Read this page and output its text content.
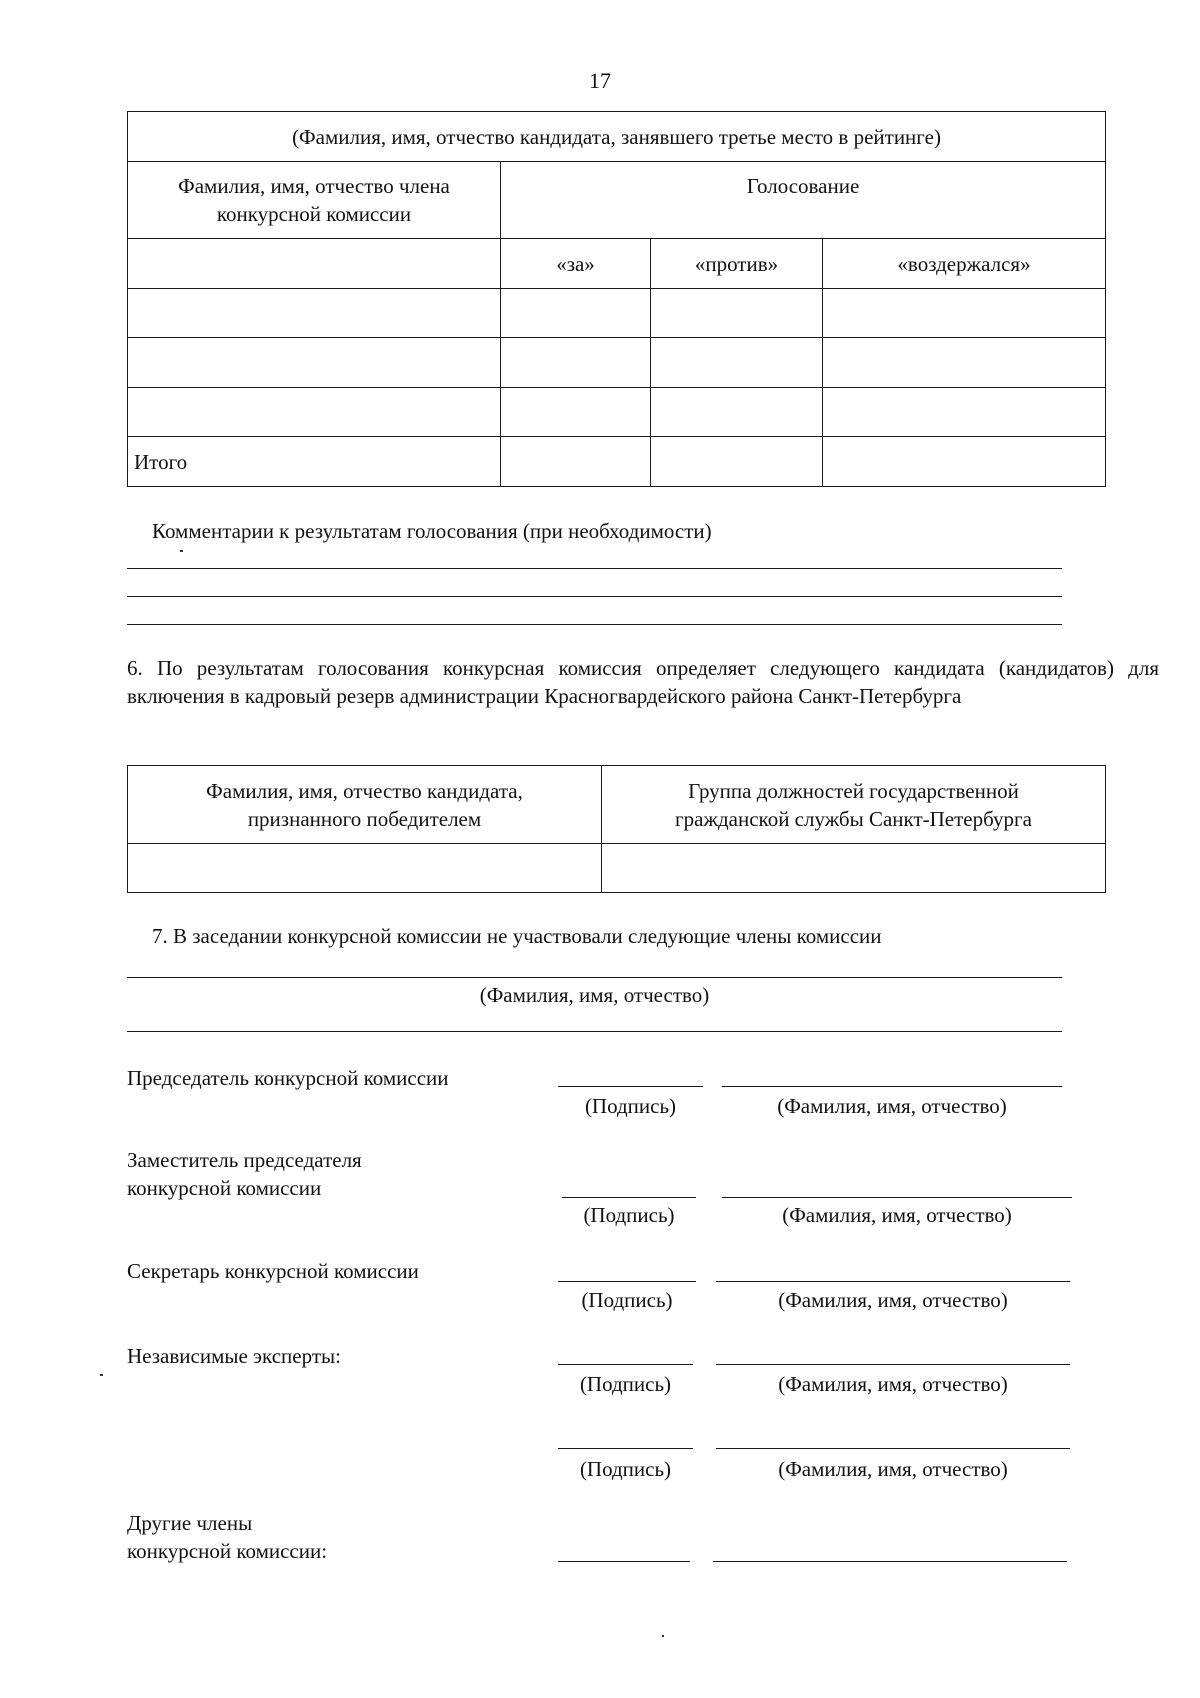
17
(Фамилия, имя, отчество кандидата, занявшего третье место в рейтинге)			
Фамилия, имя, отчество члена конкурсной комиссии	Голосование		
	«за»	«против»	«воздержался»

Итого			
Комментарии к результатам голосования (при необходимости)
6. По результатам голосования конкурсная комиссия определяет следующего кандидата (кандидатов) для включения в кадровый резерв администрации Красногвардейского района Санкт-Петербурга
Фамилия, имя, отчество кандидата, признанного победителем	Группа должностей государственной гражданской службы Санкт-Петербурга

7. В заседании конкурсной комиссии не участвовали следующие члены комиссии
(Фамилия, имя, отчество)
Председатель конкурсной комиссии
(Подпись)	(Фамилия, имя, отчество)
Заместитель председателя
конкурсной комиссии
(Подпись)	(Фамилия, имя, отчество)
Секретарь конкурсной комиссии
(Подпись)	(Фамилия, имя, отчество)
Независимые эксперты:
(Подпись)	(Фамилия, имя, отчество)
(Подпись)	(Фамилия, имя, отчество)
Другие члены
конкурсной комиссии:
